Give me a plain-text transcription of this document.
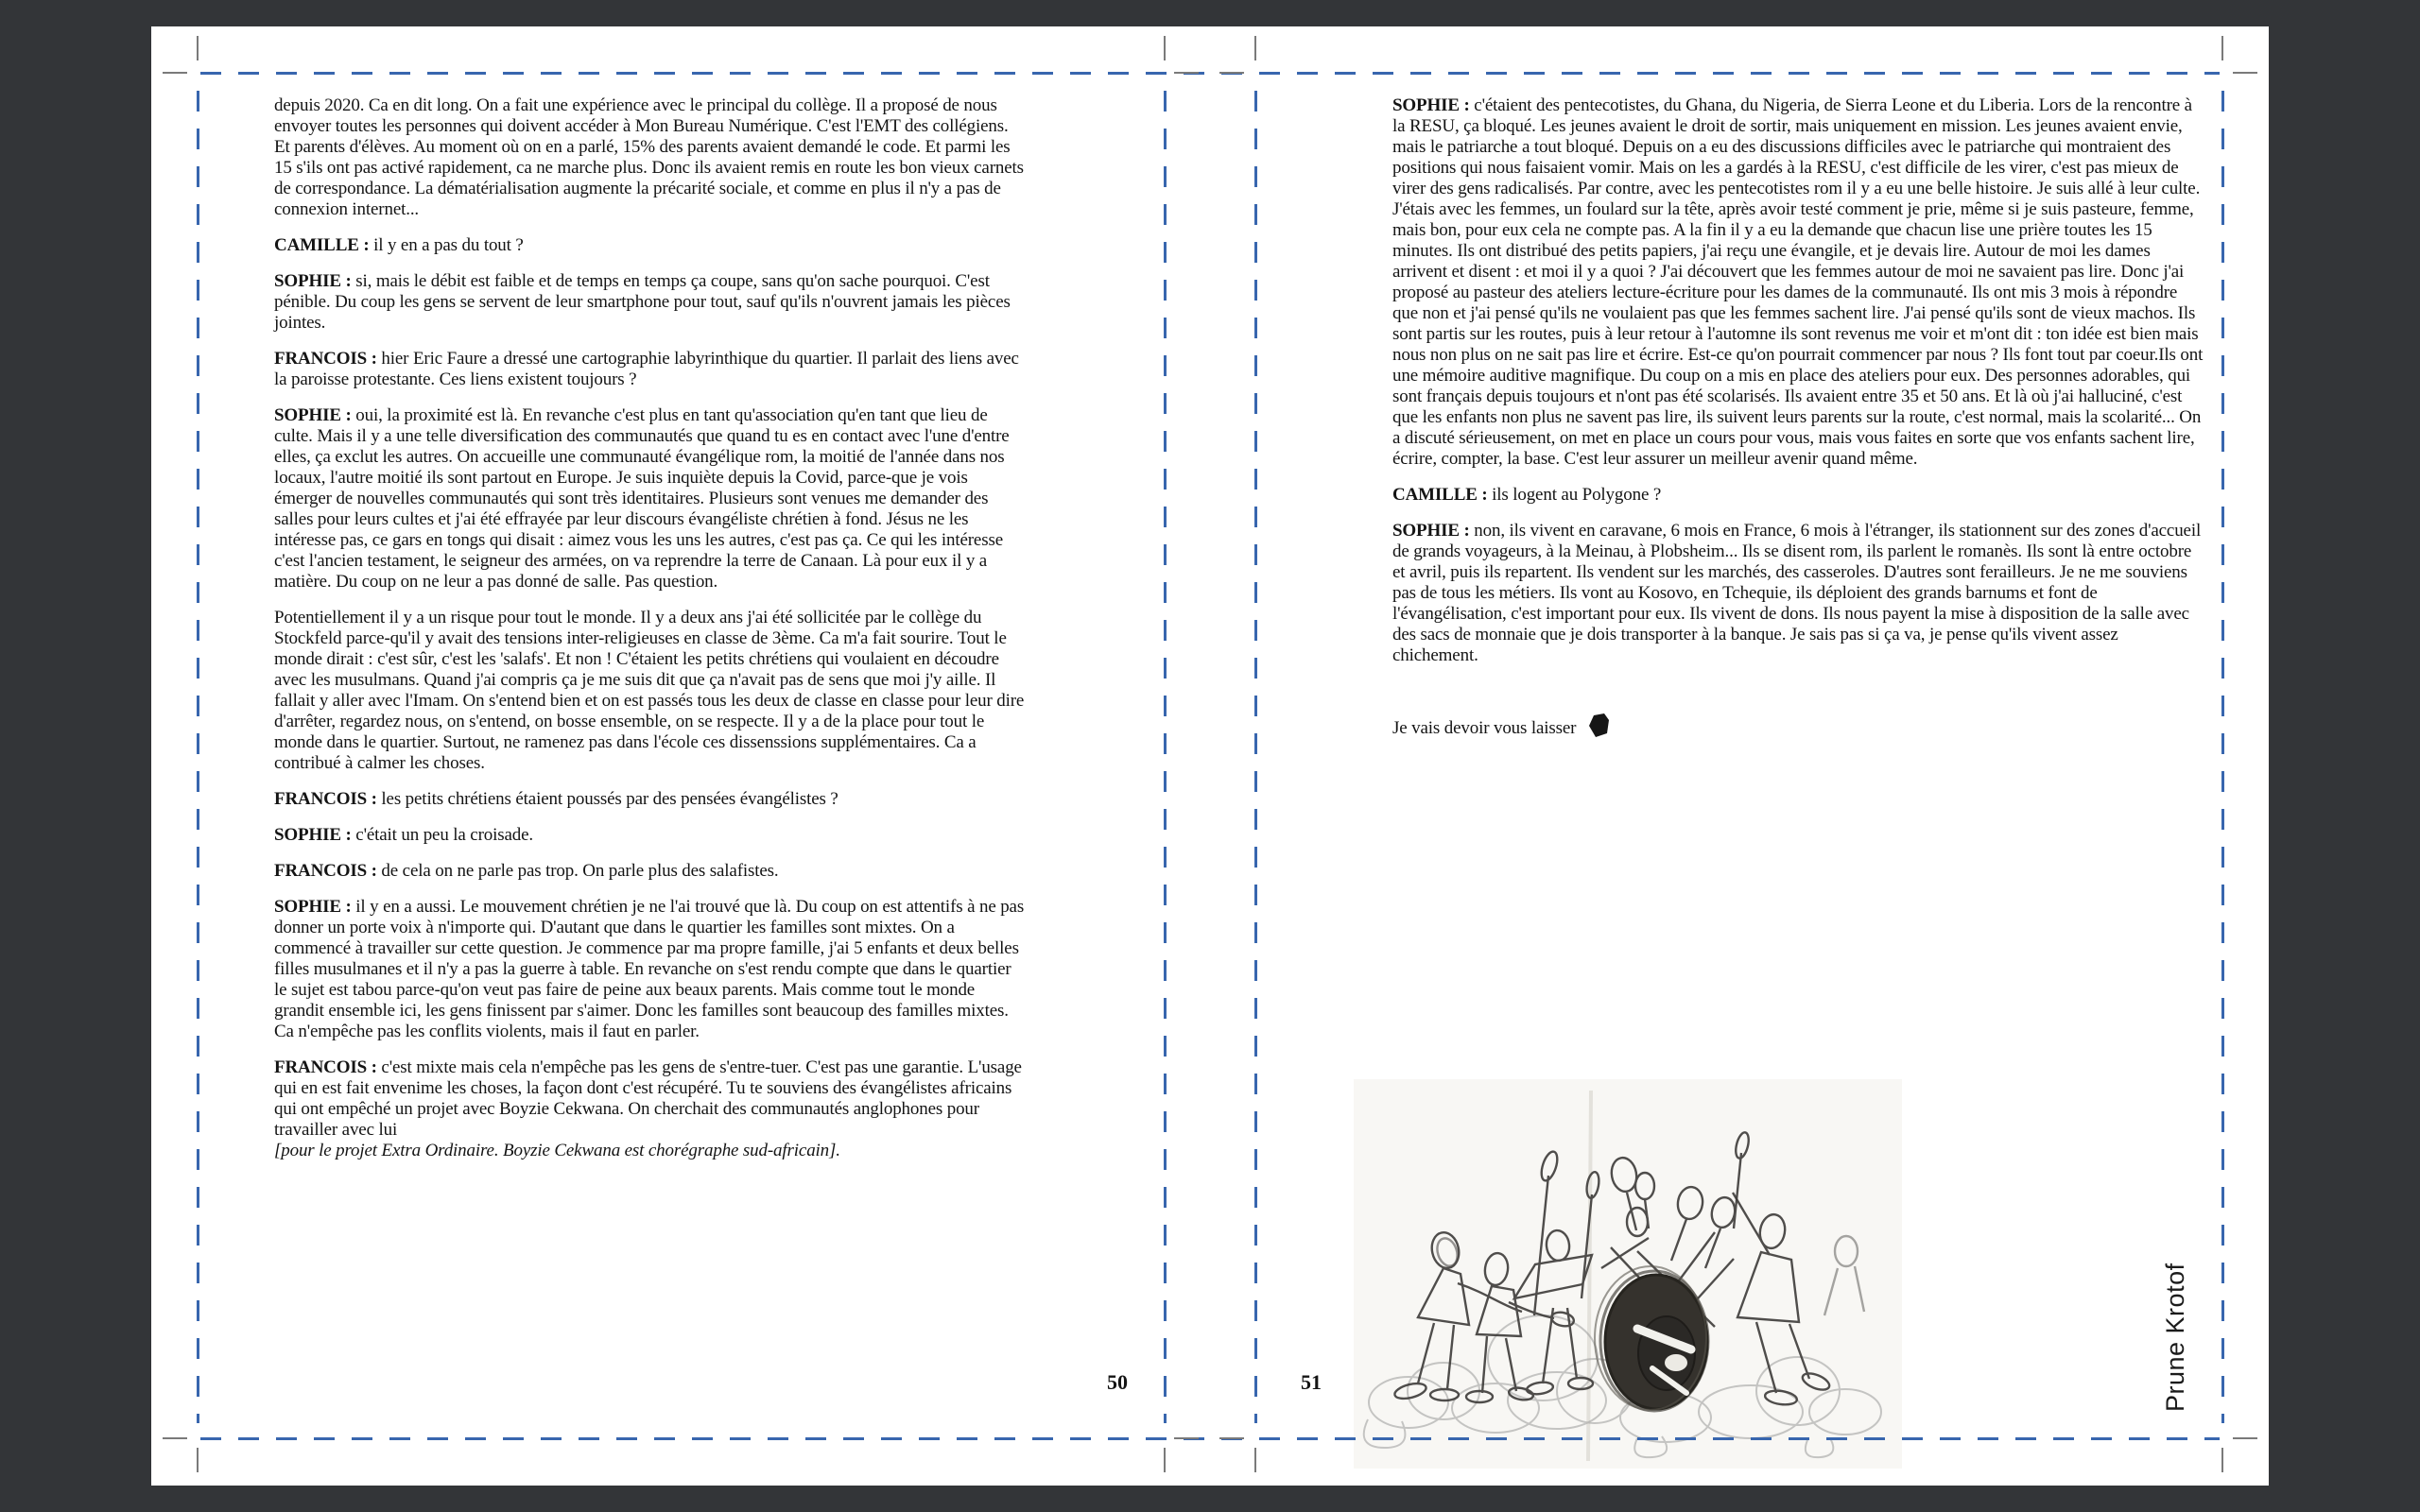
depuis 2020. Ca en dit long. On a fait une expérience avec le principal du collège. Il a proposé de nous envoyer toutes les personnes qui doivent accéder à Mon Bureau Numérique. C'est l'EMT des collégiens. Et parents d'élèves. Au moment où on en a parlé, 15% des parents avaient demandé le code. Et parmi les 15 s'ils ont pas activé rapidement, ca ne marche plus. Donc ils avaient remis en route les bon vieux carnets de correspondance. La dématérialisation augmente la précarité sociale, et comme en plus il n'y a pas de connexion internet...

CAMILLE : il y en a pas du tout ?

SOPHIE : si, mais le débit est faible et de temps en temps ça coupe, sans qu'on sache pourquoi. C'est pénible. Du coup les gens se servent de leur smartphone pour tout, sauf qu'ils n'ouvrent jamais les pièces jointes.

FRANCOIS : hier Eric Faure a dressé une cartographie labyrinthique du quartier. Il parlait des liens avec la paroisse protestante. Ces liens existent toujours ?

SOPHIE : oui, la proximité est là. En revanche c'est plus en tant qu'association qu'en tant que lieu de culte. Mais il y a une telle diversification des communautés que quand tu es en contact avec l'une d'entre elles, ça exclut les autres. On accueille une communauté évangélique rom, la moitié de l'année dans nos locaux, l'autre moitié ils sont partout en Europe. Je suis inquiète depuis la Covid, parce-que je vois émerger de nouvelles communautés qui sont très identitaires. Plusieurs sont venues me demander des salles pour leurs cultes et j'ai été effrayée par leur discours évangéliste chrétien à fond. Jésus ne les intéresse pas, ce gars en tongs qui disait : aimez vous les uns les autres, c'est pas ça. Ce qui les intéresse c'est l'ancien testament, le seigneur des armées, on va reprendre la terre de Canaan. Là pour eux il y a matière. Du coup on ne leur a pas donné de salle. Pas question.

Potentiellement il y a un risque pour tout le monde. Il y a deux ans j'ai été sollicitée par le collège du Stockfeld parce-qu'il y avait des tensions inter-religieuses en classe de 3ème. Ca m'a fait sourire. Tout le monde dirait : c'est sûr, c'est les 'salafs'. Et non ! C'étaient les petits chrétiens qui voulaient en découdre avec les musulmans. Quand j'ai compris ça je me suis dit que ça n'avait pas de sens que moi j'y aille. Il fallait y aller avec l'Imam. On s'entend bien et on est passés tous les deux de classe en classe pour leur dire d'arrêter, regardez nous, on s'entend, on bosse ensemble, on se respecte. Il y a de la place pour tout le monde dans le quartier. Surtout, ne ramenez pas dans l'école ces dissenssions supplémentaires. Ca a contribué à calmer les choses.

FRANCOIS : les petits chrétiens étaient poussés par des pensées évangélistes ?

SOPHIE : c'était un peu la croisade.

FRANCOIS : de cela on ne parle pas trop. On parle plus des salafistes.

SOPHIE : il y en a aussi. Le mouvement chrétien je ne l'ai trouvé que là. Du coup on est attentifs à ne pas donner un porte voix à n'importe qui. D'autant que dans le quartier les familles sont mixtes. On a commencé à travailler sur cette question. Je commence par ma propre famille, j'ai 5 enfants et deux belles filles musulmanes et il n'y a pas la guerre à table. En revanche on s'est rendu compte que dans le quartier le sujet est tabou parce-qu'on veut pas faire de peine aux beaux parents. Mais comme tout le monde grandit ensemble ici, les gens finissent par s'aimer. Donc les familles sont beaucoup des familles mixtes. Ca n'empêche pas les conflits violents, mais il faut en parler.

FRANCOIS : c'est mixte mais cela n'empêche pas les gens de s'entre-tuer. C'est pas une garantie. L'usage qui en est fait envenime les choses, la façon dont c'est récupéré. Tu te souviens des évangélistes africains qui ont empêché un projet avec Boyzie Cekwana. On cherchait des communautés anglophones pour travailler avec lui
[pour le projet Extra Ordinaire. Boyzie Cekwana est chorégraphe sud-africain].

SOPHIE : c'étaient des pentecotistes, du Ghana, du Nigeria, de Sierra Leone et du Liberia. Lors de la rencontre à la RESU, ça bloqué. Les jeunes avaient le droit de sortir, mais uniquement en mission. Les jeunes avaient envie, mais le patriarche a tout bloqué. Depuis on a eu des discussions difficiles avec le patriarche qui montraient des positions qui nous faisaient vomir. Mais on les a gardés à la RESU, c'est difficile de les virer, c'est pas mieux de virer des gens radicalisés. Par contre, avec les pentecotistes rom il y a eu une belle histoire. Je suis allé à leur culte. J'étais avec les femmes, un foulard sur la tête, après avoir testé comment je prie, même si je suis pasteure, femme, mais bon, pour eux cela ne compte pas. A la fin il y a eu la demande que chacun lise une prière toutes les 15 minutes. Ils ont distribué des petits papiers, j'ai reçu une évangile, et je devais lire. Autour de moi les dames arrivent et disent : et moi il y a quoi ? J'ai découvert que les femmes autour de moi ne savaient pas lire. Donc j'ai proposé au pasteur des ateliers lecture-écriture pour les dames de la communauté. Ils ont mis 3 mois à répondre que non et j'ai pensé qu'ils ne voulaient pas que les femmes sachent lire. J'ai pensé qu'ils sont de vieux machos. Ils sont partis sur les routes, puis à leur retour à l'automne ils sont revenus me voir et m'ont dit : ton idée est bien mais nous non plus on ne sait pas lire et écrire. Est-ce qu'on pourrait commencer par nous ? Ils font tout par coeur.Ils ont une mémoire auditive magnifique. Du coup on a mis en place des ateliers pour eux. Des personnes adorables, qui sont français depuis toujours et n'ont pas été scolarisés. Ils avaient entre 35 et 50 ans. Et là où j'ai halluciné, c'est que les enfants non plus ne savent pas lire, ils suivent leurs parents sur la route, c'est normal, mais la scolarité... On a discuté sérieusement, on met en place un cours pour vous, mais vous faites en sorte que vos enfants sachent lire, écrire, compter, la base. C'est leur assurer un meilleur avenir quand même.

CAMILLE : ils logent au Polygone ?

SOPHIE : non, ils vivent en caravane, 6 mois en France, 6 mois à l'étranger, ils stationnent sur des zones d'accueil de grands voyageurs, à la Meinau, à Plobsheim... Ils se disent rom, ils parlent le romanès. Ils sont là entre octobre et avril, puis ils repartent. Ils vendent sur les marchés, des casseroles. D'autres sont ferailleurs. Je ne me souviens pas de tous les métiers. Ils vont au Kosovo, en Tchequie, ils déploient des grands barnums et font de l'évangélisation, c'est important pour eux. Ils vivent de dons. Ils nous payent la mise à disposition de la salle avec des sacs de monnaie que je dois transporter à la banque. Je sais pas si ça va, je pense qu'ils vivent assez chichement.

Je vais devoir vous laisser

50	51	Prune Krotof
